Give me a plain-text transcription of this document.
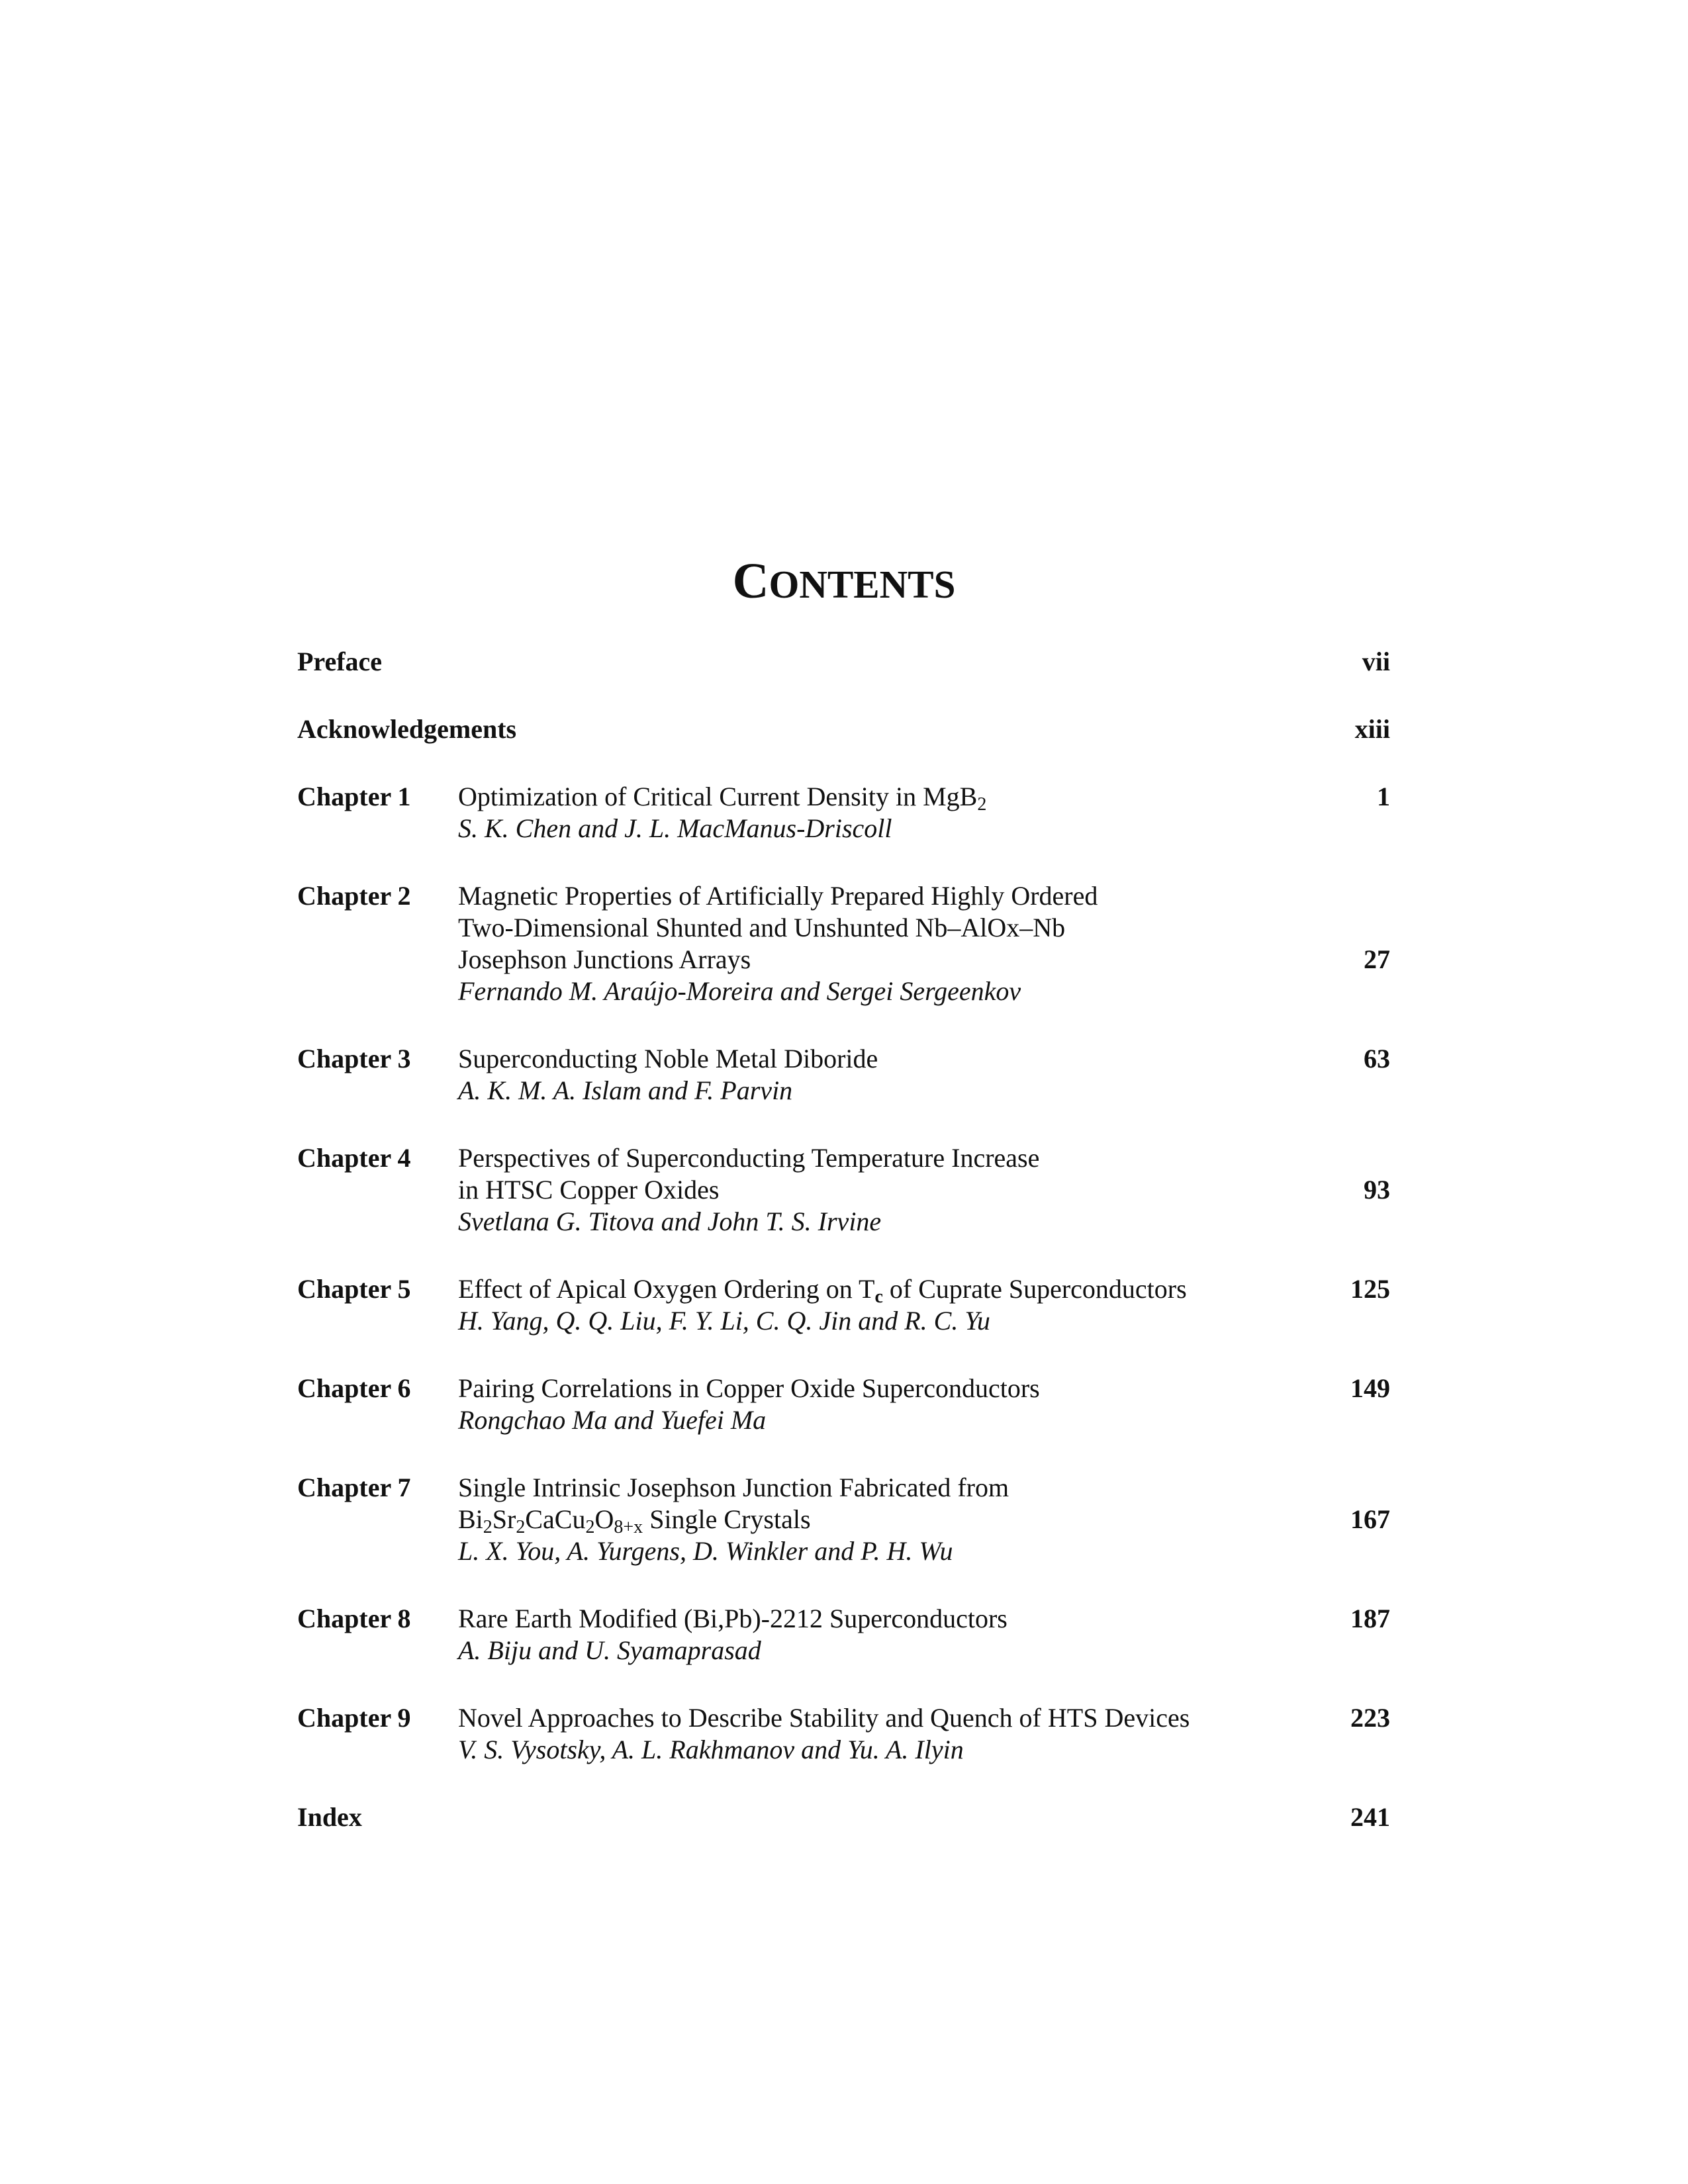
CONTENTS
Preface	vii
Acknowledgements	xiii
Chapter 1 Optimization of Critical Current Density in MgB$_2$	1
S. K. Chen and J. L. MacManus-Driscoll
Chapter 2 Magnetic Properties of Artificially Prepared Highly Ordered
Two-Dimensional Shunted and Unshunted Nb–AlOx–Nb
Josephson Junctions Arrays	27
Fernando M. Araújo-Moreira and Sergei Sergeenkov
Chapter 3 Superconducting Noble Metal Diboride	63
A. K. M. A. Islam and F. Parvin
Chapter 4 Perspectives of Superconducting Temperature Increase
in HTSC Copper Oxides	93
Svetlana G. Titova and John T. S. Irvine
Chapter 5 Effect of Apical Oxygen Ordering on Tc of Cuprate Superconductors	125
H. Yang, Q. Q. Liu, F. Y. Li, C. Q. Jin and R. C. Yu
Chapter 6 Pairing Correlations in Copper Oxide Superconductors	149
Rongchao Ma and Yuefei Ma
Chapter 7 Single Intrinsic Josephson Junction Fabricated from
$Bi_2Sr_2CaCu_2O_{8+x}$ Single Crystals	167
L. X. You, A. Yurgens, D. Winkler and P. H. Wu
Chapter 8 Rare Earth Modified (Bi,Pb)-2212 Superconductors	187
A. Biju and U. Syamaprasad
Chapter 9 Novel Approaches to Describe Stability and Quench of HTS Devices	223
V. S. Vysotsky, A. L. Rakhmanov and Yu. A. Ilyin
Index	241
